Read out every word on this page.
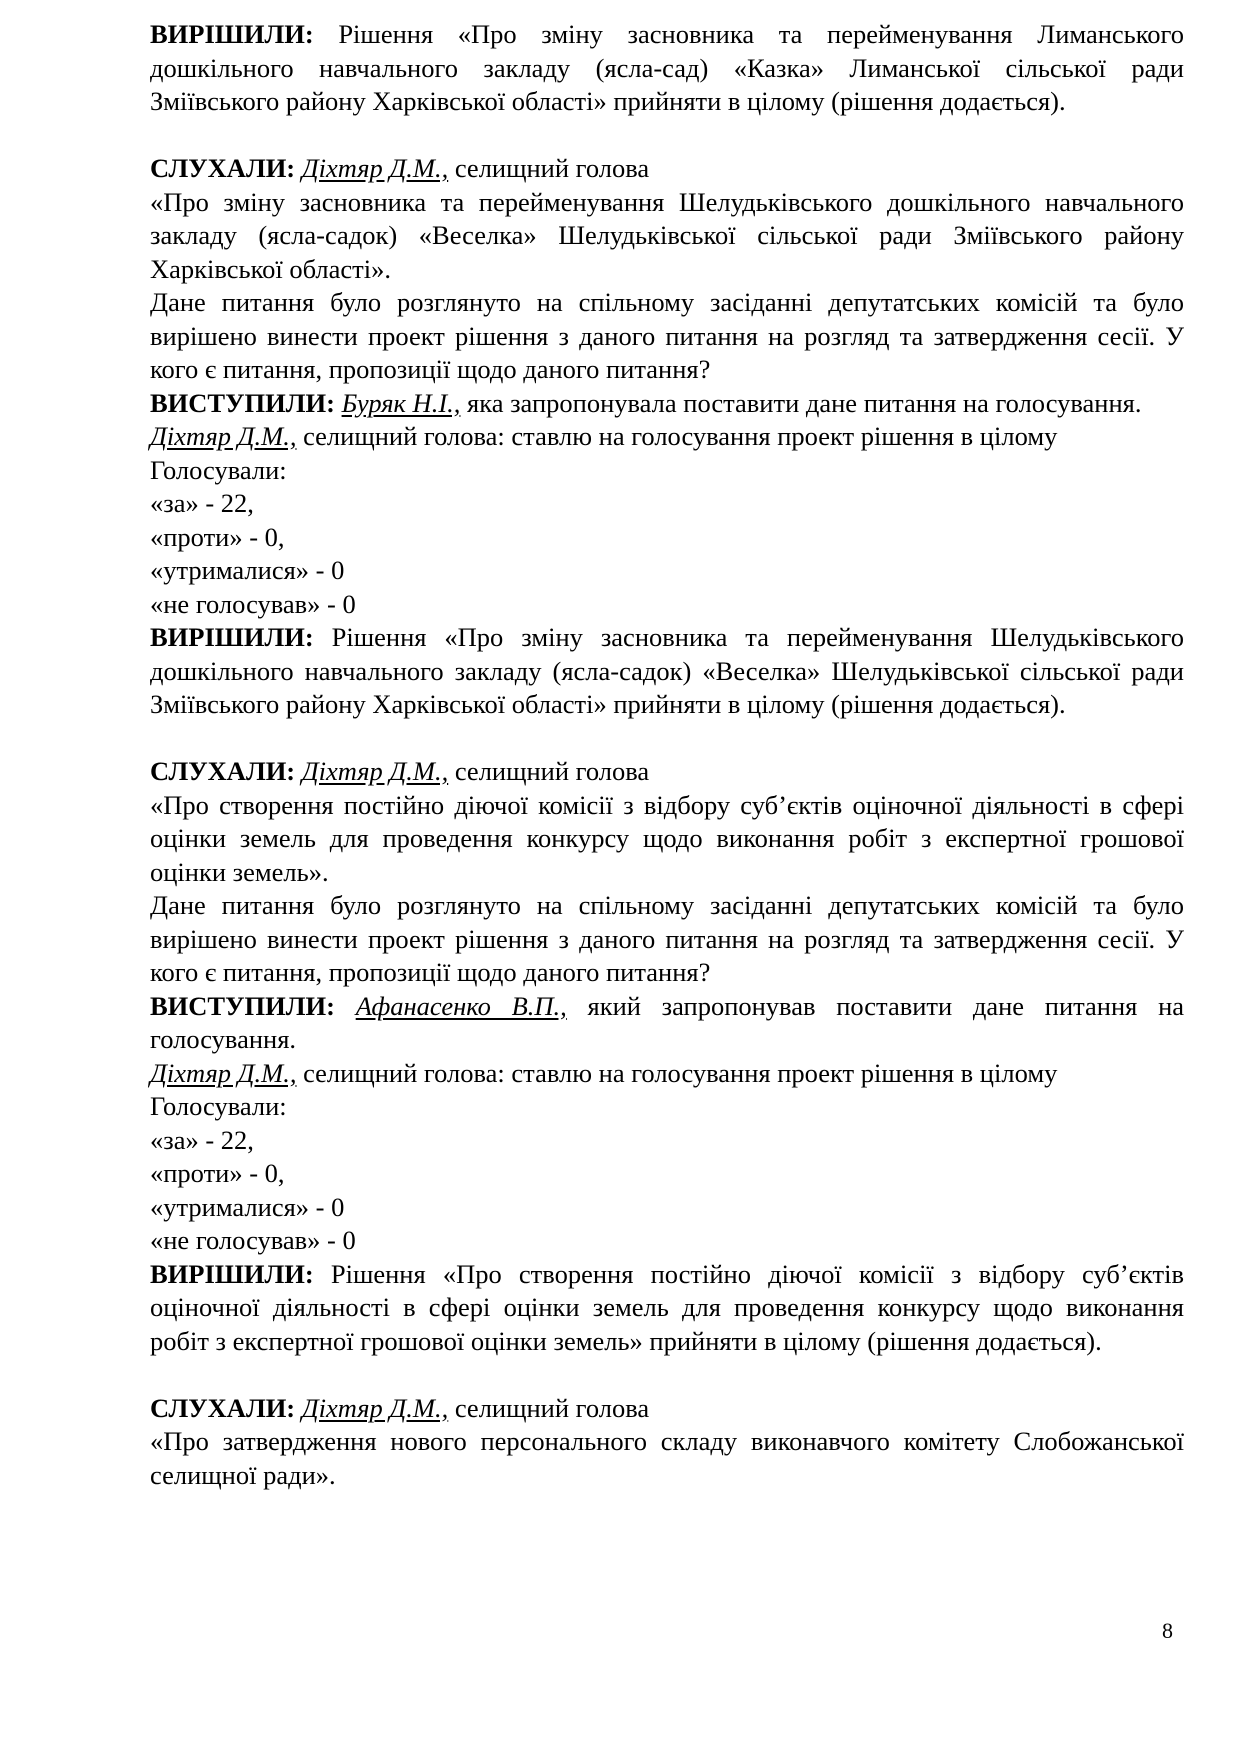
ВИРІШИЛИ: Рішення «Про зміну засновника та перейменування Лиманського дошкільного навчального закладу (ясла-сад) «Казка» Лиманської сільської ради Зміївського району Харківської області» прийняти в цілому (рішення додається).

СЛУХАЛИ: Діхтяр Д.М., селищний голова

«Про зміну засновника та перейменування Шелудьківського дошкільного навчального закладу (ясла-садок) «Веселка» Шелудьківської сільської ради Зміївського району Харківської області».

Дане питання було розглянуто на спільному засіданні депутатських комісій та було вирішено винести проект рішення з даного питання на розгляд та затвердження сесії. У кого є питання, пропозиції щодо даного питання?

ВИСТУПИЛИ: Буряк Н.І., яка запропонувала поставити дане питання на голосування.

Діхтяр Д.М., селищний голова: ставлю на голосування проект рішення в цілому

Голосували:

«за» - 22,

«проти» - 0,

«утрималися» - 0

«не голосував» - 0

ВИРІШИЛИ: Рішення «Про зміну засновника та перейменування Шелудьківського дошкільного навчального закладу (ясла-садок) «Веселка» Шелудьківської сільської ради Зміївського району Харківської області» прийняти в цілому (рішення додається).

СЛУХАЛИ: Діхтяр Д.М., селищний голова

«Про створення постійно діючої комісії з відбору суб’єктів оціночної діяльності в сфері оцінки земель для проведення конкурсу щодо виконання робіт з експертної грошової оцінки земель».

Дане питання було розглянуто на спільному засіданні депутатських комісій та було вирішено винести проект рішення з даного питання на розгляд та затвердження сесії. У кого є питання, пропозиції щодо даного питання?

ВИСТУПИЛИ: Афанасенко В.П., який запропонував поставити дане питання на голосування.

Діхтяр Д.М., селищний голова: ставлю на голосування проект рішення в цілому

Голосували:

«за» - 22,

«проти» - 0,

«утрималися» - 0

«не голосував» - 0

ВИРІШИЛИ: Рішення «Про створення постійно діючої комісії з відбору суб’єктів оціночної діяльності в сфері оцінки земель для проведення конкурсу щодо виконання робіт з експертної грошової оцінки земель» прийняти в цілому (рішення додається).

СЛУХАЛИ: Діхтяр Д.М., селищний голова

«Про затвердження нового персонального складу виконавчого комітету Слобожанської селищної ради».

8
